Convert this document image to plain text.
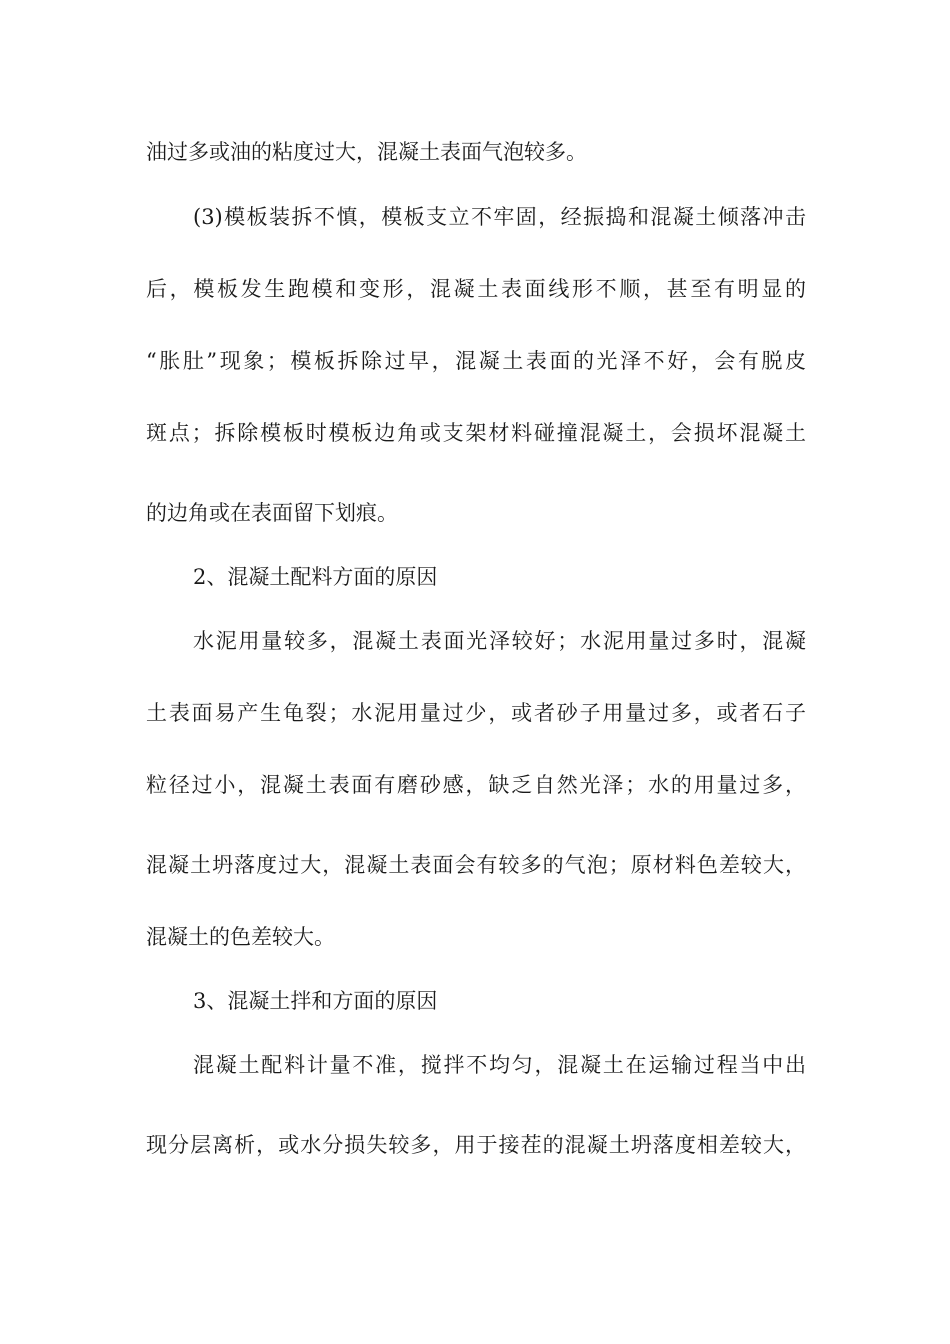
油过多或油的粘度过大，混凝土表面气泡较多。
(3)模板装拆不慎，模板支立不牢固，经振捣和混凝土倾落冲击
后，模板发生跑模和变形，混凝土表面线形不顺，甚至有明显的
“胀肚”现象；模板拆除过早，混凝土表面的光泽不好，会有脱皮
斑点；拆除模板时模板边角或支架材料碰撞混凝土，会损坏混凝土
的边角或在表面留下划痕。
2、混凝土配料方面的原因
水泥用量较多，混凝土表面光泽较好；水泥用量过多时，混凝
土表面易产生龟裂；水泥用量过少，或者砂子用量过多，或者石子
粒径过小，混凝土表面有磨砂感，缺乏自然光泽；水的用量过多，
混凝土坍落度过大，混凝土表面会有较多的气泡；原材料色差较大，
混凝土的色差较大。
3、混凝土拌和方面的原因
混凝土配料计量不准，搅拌不均匀，混凝土在运输过程当中出
现分层离析，或水分损失较多，用于接茬的混凝土坍落度相差较大，
